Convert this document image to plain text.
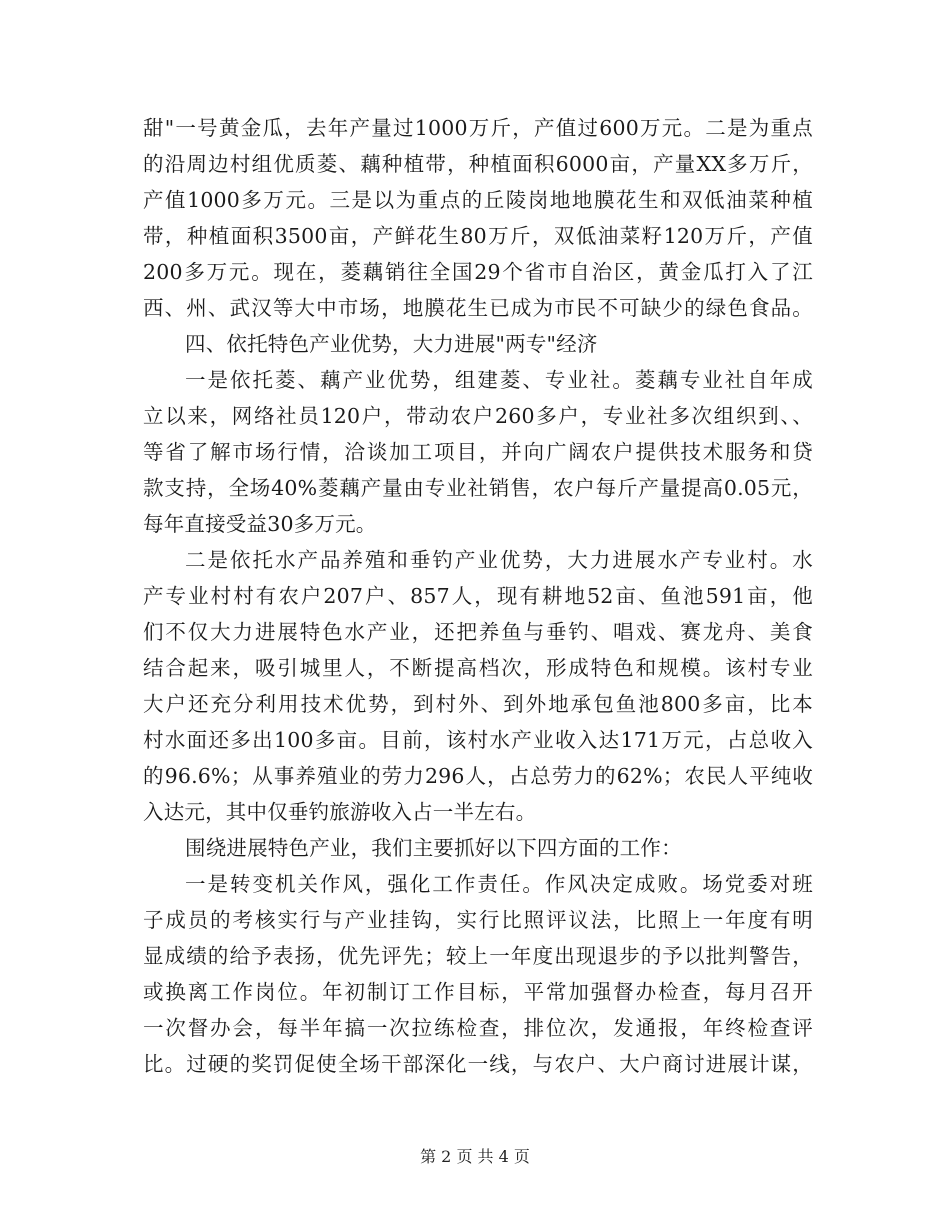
甜"一号黄金瓜，去年产量过1000万斤，产值过600万元。二是为重点
的沿周边村组优质菱、藕种植带，种植面积6000亩，产量XX多万斤，
产值1000多万元。三是以为重点的丘陵岗地地膜花生和双低油菜种植
带，种植面积3500亩，产鲜花生80万斤，双低油菜籽120万斤，产值
200多万元。现在，菱藕销往全国29个省市自治区，黄金瓜打入了江
西、州、武汉等大中市场，地膜花生已成为市民不可缺少的绿色食品。
四、依托特色产业优势，大力进展"两专"经济
一是依托菱、藕产业优势，组建菱、专业社。菱藕专业社自年成
立以来，网络社员120户，带动农户260多户，专业社多次组织到、、
等省了解市场行情，洽谈加工项目，并向广阔农户提供技术服务和贷
款支持，全场40%菱藕产量由专业社销售，农户每斤产量提高0.05元，
每年直接受益30多万元。
二是依托水产品养殖和垂钓产业优势，大力进展水产专业村。水
产专业村村有农户207户、857人，现有耕地52亩、鱼池591亩，他
们不仅大力进展特色水产业，还把养鱼与垂钓、唱戏、赛龙舟、美食
结合起来，吸引城里人，不断提高档次，形成特色和规模。该村专业
大户还充分利用技术优势，到村外、到外地承包鱼池800多亩，比本
村水面还多出100多亩。目前，该村水产业收入达171万元，占总收入
的96.6%；从事养殖业的劳力296人，占总劳力的62%；农民人平纯收
入达元，其中仅垂钓旅游收入占一半左右。
围绕进展特色产业，我们主要抓好以下四方面的工作：
一是转变机关作风，强化工作责任。作风决定成败。场党委对班
子成员的考核实行与产业挂钩，实行比照评议法，比照上一年度有明
显成绩的给予表扬，优先评先；较上一年度出现退步的予以批判警告，
或换离工作岗位。年初制订工作目标，平常加强督办检查，每月召开
一次督办会，每半年搞一次拉练检查，排位次，发通报，年终检查评
比。过硬的奖罚促使全场干部深化一线，与农户、大户商讨进展计谋，
第 2 页 共 4 页
